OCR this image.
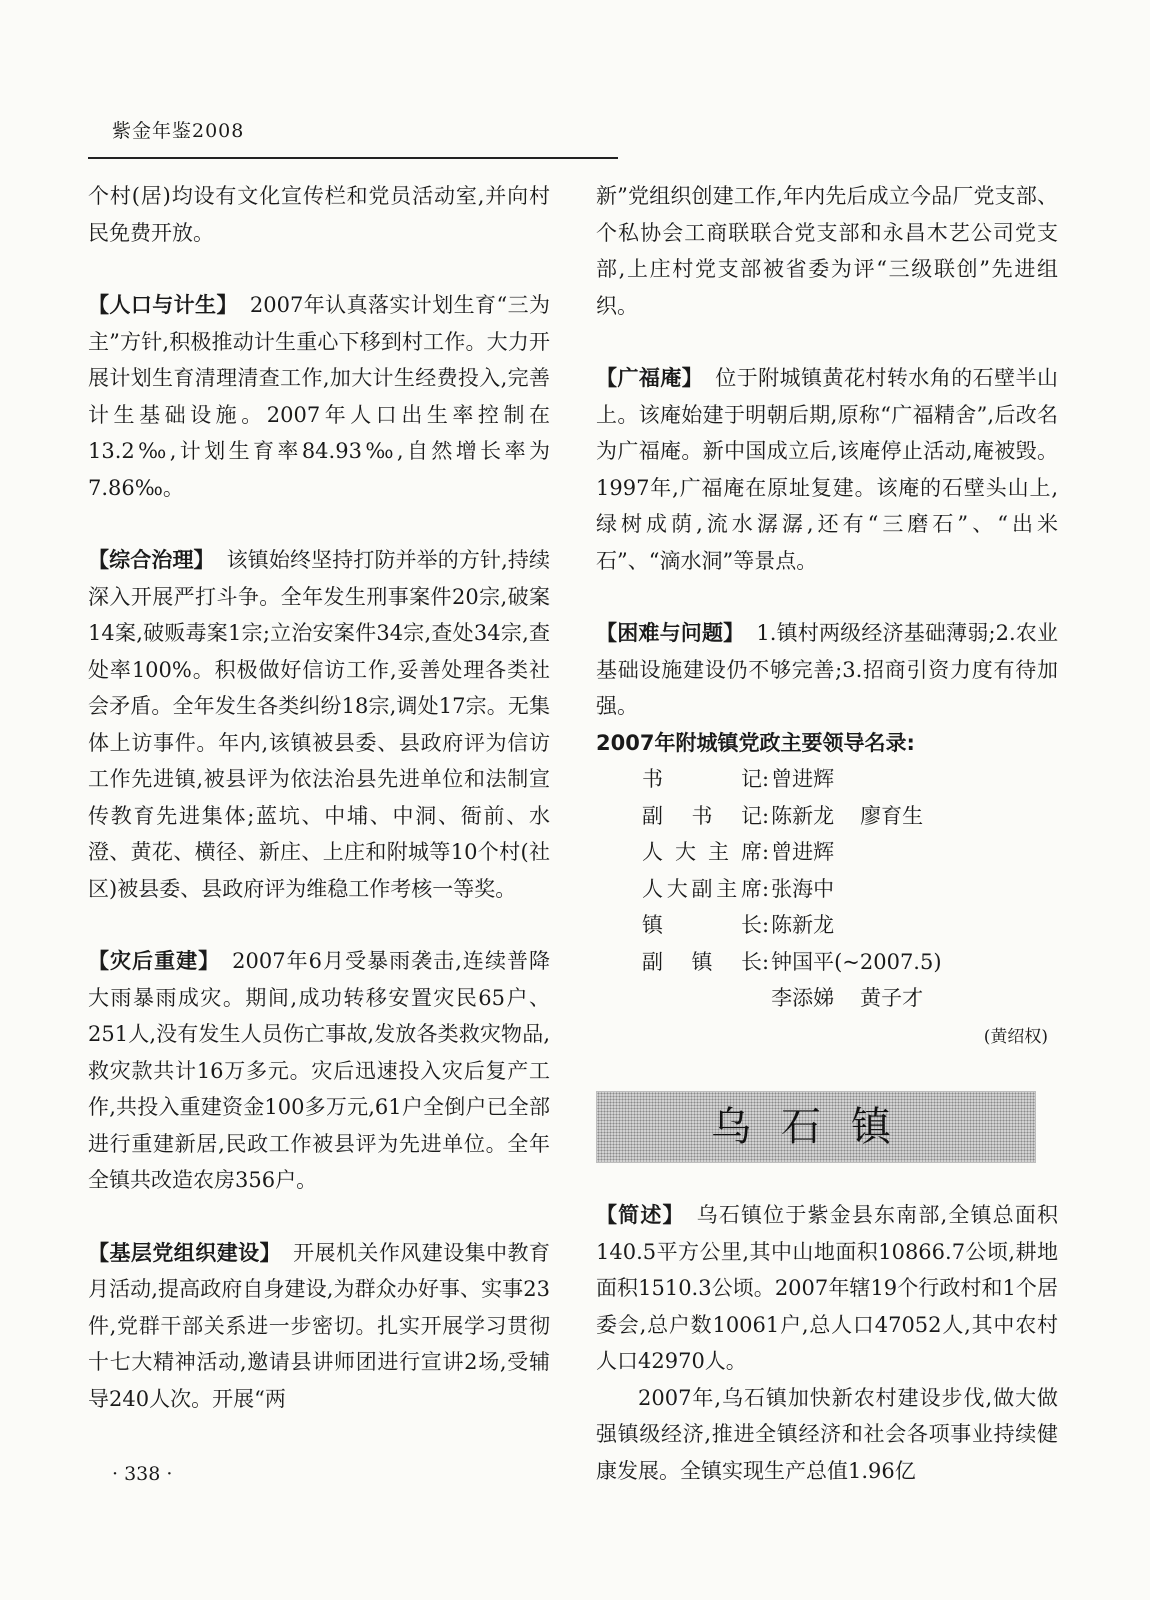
紫金年鉴2008

个村(居)均设有文化宣传栏和党员活动室,并向村民免费开放。

【人口与计生】 2007年认真落实计划生育“三为主”方针,积极推动计生重心下移到村工作。大力开展计划生育清理清查工作,加大计生经费投入,完善计生基础设施。2007年人口出生率控制在13.2‰,计划生育率84.93‰,自然增长率为7.86‰。

【综合治理】 该镇始终坚持打防并举的方针,持续深入开展严打斗争。全年发生刑事案件20宗,破案14案,破贩毒案1宗;立治安案件34宗,查处34宗,查处率100%。积极做好信访工作,妥善处理各类社会矛盾。全年发生各类纠纷18宗,调处17宗。无集体上访事件。年内,该镇被县委、县政府评为信访工作先进镇,被县评为依法治县先进单位和法制宣传教育先进集体;蓝坑、中埔、中洞、衙前、水澄、黄花、横径、新庄、上庄和附城等10个村(社区)被县委、县政府评为维稳工作考核一等奖。

【灾后重建】 2007年6月受暴雨袭击,连续普降大雨暴雨成灾。期间,成功转移安置灾民65户、251人,没有发生人员伤亡事故,发放各类救灾物品,救灾款共计16万多元。灾后迅速投入灾后复产工作,共投入重建资金100多万元,61户全倒户已全部进行重建新居,民政工作被县评为先进单位。全年全镇共改造农房356户。

【基层党组织建设】 开展机关作风建设集中教育月活动,提高政府自身建设,为群众办好事、实事23件,党群干部关系进一步密切。扎实开展学习贯彻十七大精神活动,邀请县讲师团进行宣讲2场,受辅导240人次。开展“两

新”党组织创建工作,年内先后成立今品厂党支部、个私协会工商联联合党支部和永昌木艺公司党支部,上庄村党支部被省委为评“三级联创”先进组织。

【广福庵】 位于附城镇黄花村转水角的石壁半山上。该庵始建于明朝后期,原称“广福精舍”,后改名为广福庵。新中国成立后,该庵停止活动,庵被毁。1997年,广福庵在原址复建。该庵的石壁头山上,绿树成荫,流水潺潺,还有“三磨石”、“出米石”、“滴水洞”等景点。

【困难与问题】 1.镇村两级经济基础薄弱;2.农业基础设施建设仍不够完善;3.招商引资力度有待加强。

2007年附城镇党政主要领导名录:

书记 : 曾进辉
副书记 : 陈新龙 廖育生
人大主席 : 曾进辉
人大副主席 : 张海中
镇长 : 陈新龙
副镇长 : 钟国平(~2007.5)
李添娣 黄子才
(黄绍权)
乌石镇

【简述】 乌石镇位于紫金县东南部,全镇总面积140.5平方公里,其中山地面积10866.7公顷,耕地面积1510.3公顷。2007年辖19个行政村和1个居委会,总户数10061户,总人口47052人,其中农村人口42970人。

2007年,乌石镇加快新农村建设步伐,做大做强镇级经济,推进全镇经济和社会各项事业持续健康发展。全镇实现生产总值1.96亿

· 338 ·
